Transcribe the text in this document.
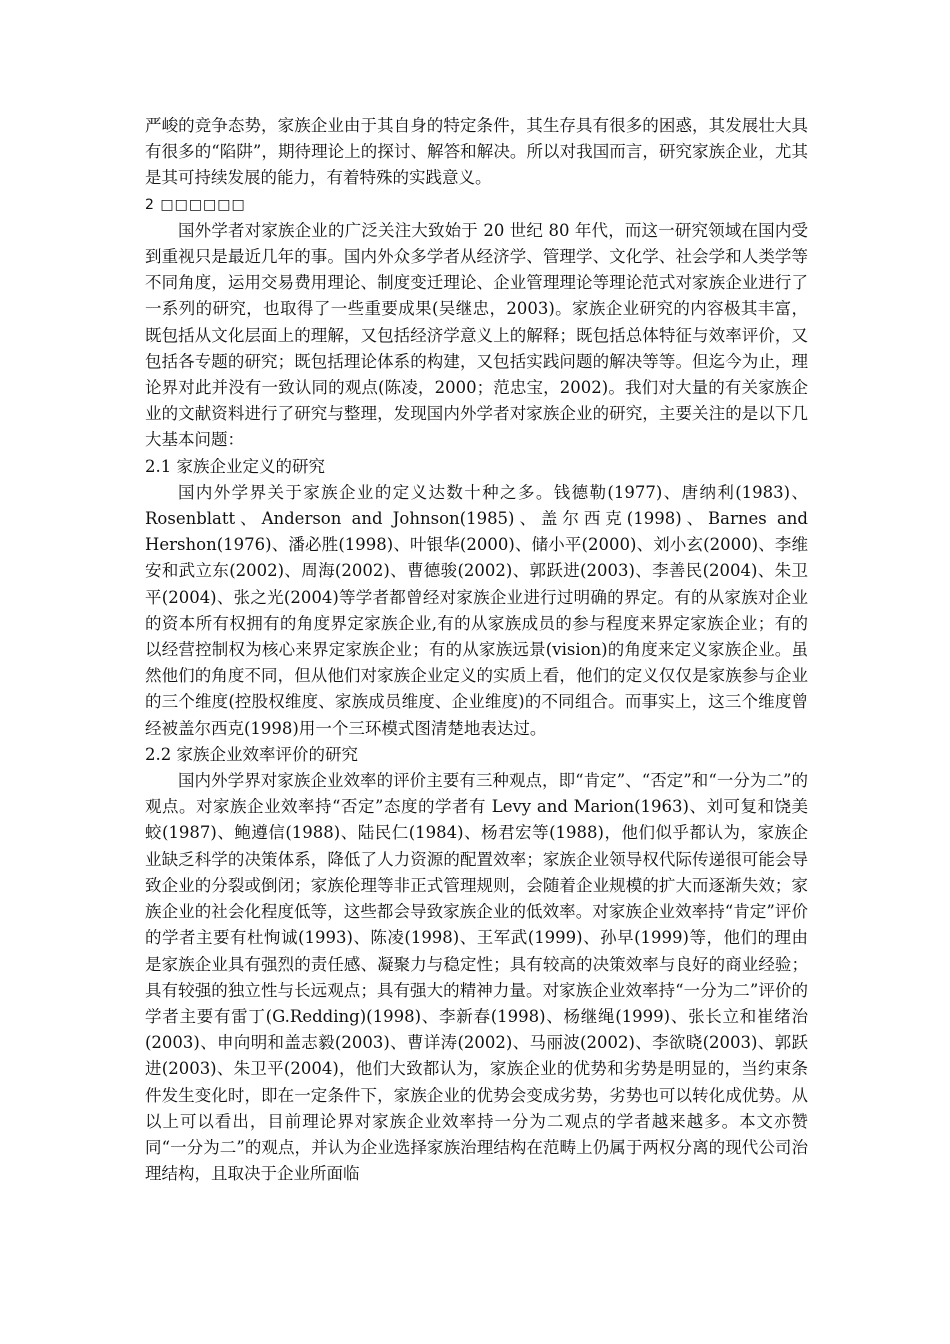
严峻的竞争态势，家族企业由于其自身的特定条件，其生存具有很多的困惑，其发展壮大具有很多的“陷阱”，期待理论上的探讨、解答和解决。所以对我国而言，研究家族企业，尤其是其可持续发展的能力，有着特殊的实践意义。

2 □□□□□□

国外学者对家族企业的广泛关注大致始于 20 世纪 80 年代，而这一研究领域在国内受到重视只是最近几年的事。国内外众多学者从经济学、管理学、文化学、社会学和人类学等不同角度，运用交易费用理论、制度变迁理论、企业管理理论等理论范式对家族企业进行了一系列的研究，也取得了一些重要成果(吴继忠，2003)。家族企业研究的内容极其丰富，既包括从文化层面上的理解，又包括经济学意义上的解释；既包括总体特征与效率评价，又包括各专题的研究；既包括理论体系的构建，又包括实践问题的解决等等。但迄今为止，理论界对此并没有一致认同的观点(陈凌，2000；范忠宝，2002)。我们对大量的有关家族企业的文献资料进行了研究与整理，发现国内外学者对家族企业的研究，主要关注的是以下几大基本问题：

2.1 家族企业定义的研究

国内外学界关于家族企业的定义达数十种之多。钱德勒(1977)、唐纳利(1983)、Rosenblatt、Anderson and Johnson(1985)、盖尔西克(1998)、Barnes and Hershon(1976)、潘必胜(1998)、叶银华(2000)、储小平(2000)、刘小玄(2000)、李维安和武立东(2002)、周海(2002)、曹德骏(2002)、郭跃进(2003)、李善民(2004)、朱卫平(2004)、张之光(2004)等学者都曾经对家族企业进行过明确的界定。有的从家族对企业的资本所有权拥有的角度界定家族企业,有的从家族成员的参与程度来界定家族企业；有的以经营控制权为核心来界定家族企业；有的从家族远景(vision)的角度来定义家族企业。虽然他们的角度不同，但从他们对家族企业定义的实质上看，他们的定义仅仅是家族参与企业的三个维度(控股权维度、家族成员维度、企业维度)的不同组合。而事实上，这三个维度曾经被盖尔西克(1998)用一个三环模式图清楚地表达过。

2.2 家族企业效率评价的研究

国内外学界对家族企业效率的评价主要有三种观点，即“肯定”、“否定”和“一分为二”的观点。对家族企业效率持“否定”态度的学者有 Levy and Marion(1963)、刘可复和饶美蛟(1987)、鲍遵信(1988)、陆民仁(1984)、杨君宏等(1988)，他们似乎都认为，家族企业缺乏科学的决策体系，降低了人力资源的配置效率；家族企业领导权代际传递很可能会导致企业的分裂或倒闭；家族伦理等非正式管理规则，会随着企业规模的扩大而逐渐失效；家族企业的社会化程度低等，这些都会导致家族企业的低效率。对家族企业效率持“肯定”评价的学者主要有杜恂诚(1993)、陈凌(1998)、王军武(1999)、孙早(1999)等，他们的理由是家族企业具有强烈的责任感、凝聚力与稳定性；具有较高的决策效率与良好的商业经验；具有较强的独立性与长远观点；具有强大的精神力量。对家族企业效率持“一分为二”评价的学者主要有雷丁(G.Redding)(1998)、李新春(1998)、杨继绳(1999)、张长立和崔绪治(2003)、申向明和盖志毅(2003)、曹详涛(2002)、马丽波(2002)、李欲晓(2003)、郭跃进(2003)、朱卫平(2004)，他们大致都认为，家族企业的优势和劣势是明显的，当约束条件发生变化时，即在一定条件下，家族企业的优势会变成劣势，劣势也可以转化成优势。从以上可以看出，目前理论界对家族企业效率持一分为二观点的学者越来越多。本文亦赞同“一分为二”的观点，并认为企业选择家族治理结构在范畴上仍属于两权分离的现代公司治理结构，且取决于企业所面临
